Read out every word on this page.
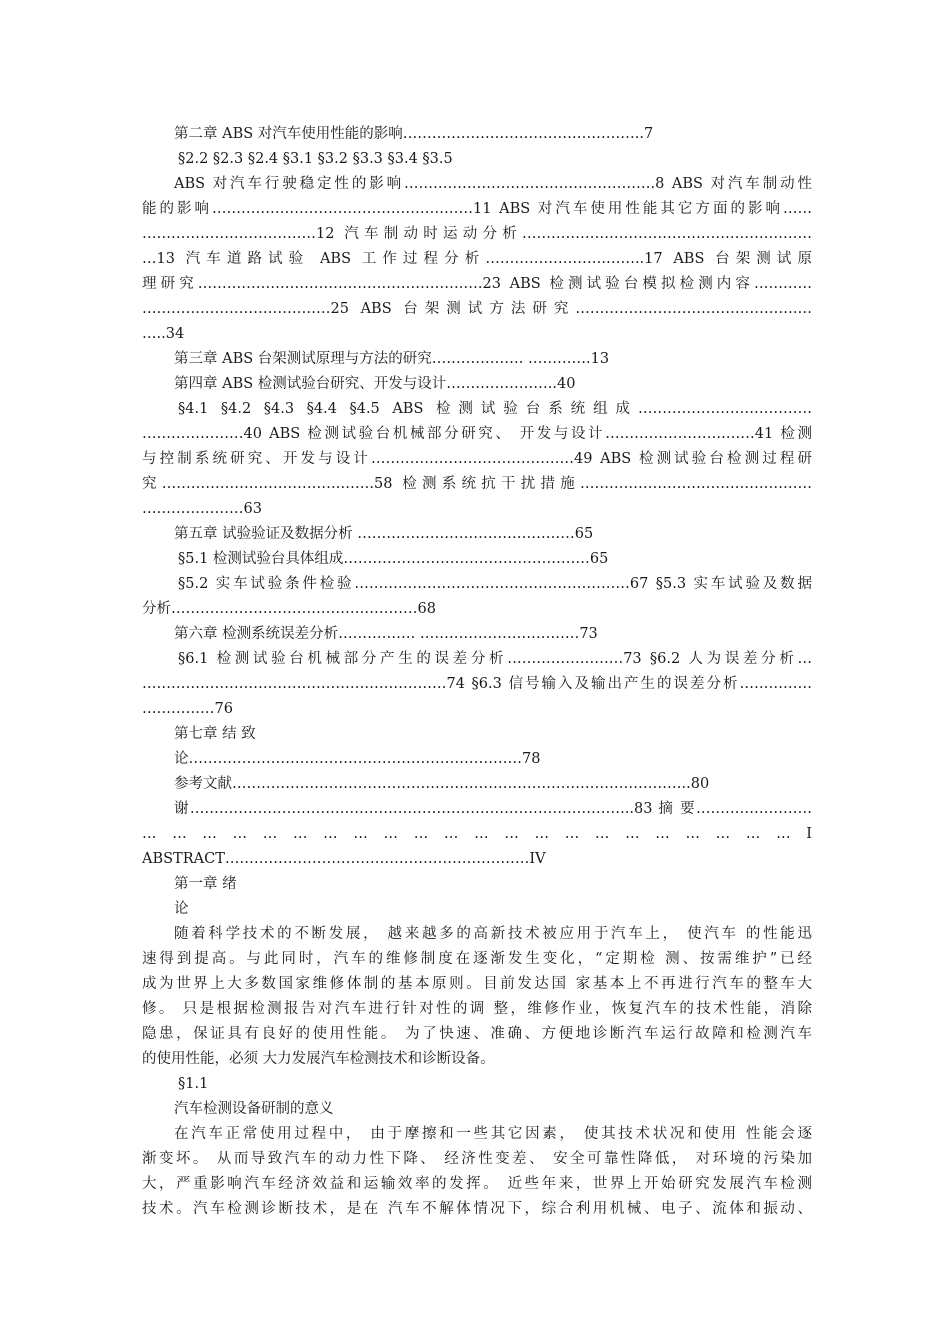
第二章 ABS 对汽车使用性能的影响…………………………………………..7
§2.2 §2.3 §2.4 §3.1 §3.2 §3.3 §3.4 §3.5
ABS 对汽车行驶稳定性的影响…………………………………………….8 ABS 对汽车制动性
能的影响………………………………………………11 ABS 对汽车使用性能其它方面的影响……
………………………………12 汽车制动时运动分析……………………………………………………
…13 汽车道路试验 ABS 工作过程分析…………………….……..17 ABS 台架测试原
理研究……………………………………………….….23 ABS 检测试验台模拟检测内容…………
…………………………………25 ABS 台架测试方法研究……………………………………….…
…..34
第三章 ABS 台架测试原理与方法的研究………………. ………….13
第四章 ABS 检测试验台研究、开发与设计…………………..40
§4.1 §4.2 §4.3 §4.4 §4.5 ABS 检测试验台系统组成………………………………
…………………40 ABS 检测试验台机械部分研究、 开发与设计…………………….……41 检测
与控制系统研究、开发与设计……………………………………49 ABS 检测试验台检测过程研
究……………………………….…….58 检测系统抗干扰措施…………………………………………
…………………63
第五章 试验验证及数据分析 ………………………………………65
§5.1 检测试验台具体组成……………………………………………65
§5.2 实车试验条件检验…………………………………………………67 §5.3 实车试验及数据
分析……………………………………………68
第六章 检测系统误差分析……………. ……………………………73
§6.1 检测试验台机械部分产生的误差分析……………………73 §6.2 人为误差分析…
………………………………………………………74 §6.3 信号输入及输出产生的误差分析……………
……………76
第七章 结 致
论……………………………………………………………78
参考文献…………………………………………………………………………………..80
谢………………………………………………………………………………..83 摘 要……………………
… … … … … … … … … … … … … … … … … … … … … … Ⅰ
ABSTRACT………………………………………………………IV
第一章 绪
论
随着科学技术的不断发展， 越来越多的高新技术被应用于汽车上， 使汽车 的性能迅
速得到提高。与此同时，汽车的维修制度在逐渐发生变化，“定期检 测、按需维护”已经
成为世界上大多数国家维修体制的基本原则。目前发达国 家基本上不再进行汽车的整车大
修。 只是根据检测报告对汽车进行针对性的调 整，维修作业，恢复汽车的技术性能，消除
隐患，保证具有良好的使用性能。 为了快速、准确、方便地诊断汽车运行故障和检测汽车
的使用性能，必须 大力发展汽车检测技术和诊断设备。
§1.1
汽车检测设备研制的意义
在汽车正常使用过程中， 由于摩擦和一些其它因素， 使其技术状况和使用 性能会逐
渐变坏。 从而导致汽车的动力性下降、 经济性变差、 安全可靠性降低， 对环境的污染加
大，严重影响汽车经济效益和运输效率的发挥。 近些年来，世界上开始研究发展汽车检测
技术。汽车检测诊断技术，是在 汽车不解体情况下，综合利用机械、电子、流体和振动、
